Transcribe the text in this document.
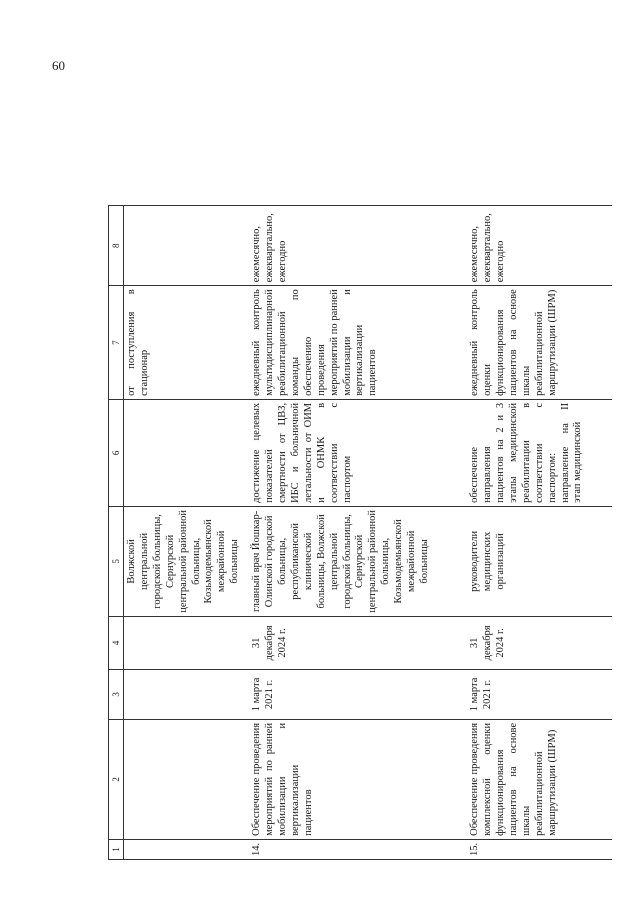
60
1	2	3	4	5	6	7	8
				Волжской центральной городской больницы, Сернурской центральной районной больницы, Козьмодемьянской межрайонной больницы		от поступления в стационар	
14.	Обеспечение проведения мероприятий по ранней мобилизации и вертикализации пациентов	1 марта 2021 г.	31 декабря 2024 г.	главный врач Йошкар-Олинской городской больницы, республиканской клинической больницы, Волжской центральной городской больницы, Сернурской центральной районной больницы, Козьмодемьянской межрайонной больницы	достижение целевых показателей смертности от ЦВЗ, ИБС и больничной летальности от ОИМ и ОНМК в соответствии с паспортом	ежедневный контроль мультидисциплинарной реабилитационной команды по обеспечению проведения мероприятий по ранней мобилизации и вертикализации пациентов	ежемесячно, ежеквартально, ежегодно
15.	Обеспечение проведения комплексной оценки функционирования пациентов на основе шкалы реабилитационной маршрутизации (ШРМ)	1 марта 2021 г.	31 декабря 2024 г.	руководители медицинских организаций	обеспечение направления пациентов на 2 и 3 этапы медицинской реабилитации в соответствии с паспортом: направление на II этап медицинской	ежедневный контроль оценки функционирования пациентов на основе шкалы реабилитационной маршрутизации (ШРМ)	ежемесячно, ежеквартально, ежегодно
